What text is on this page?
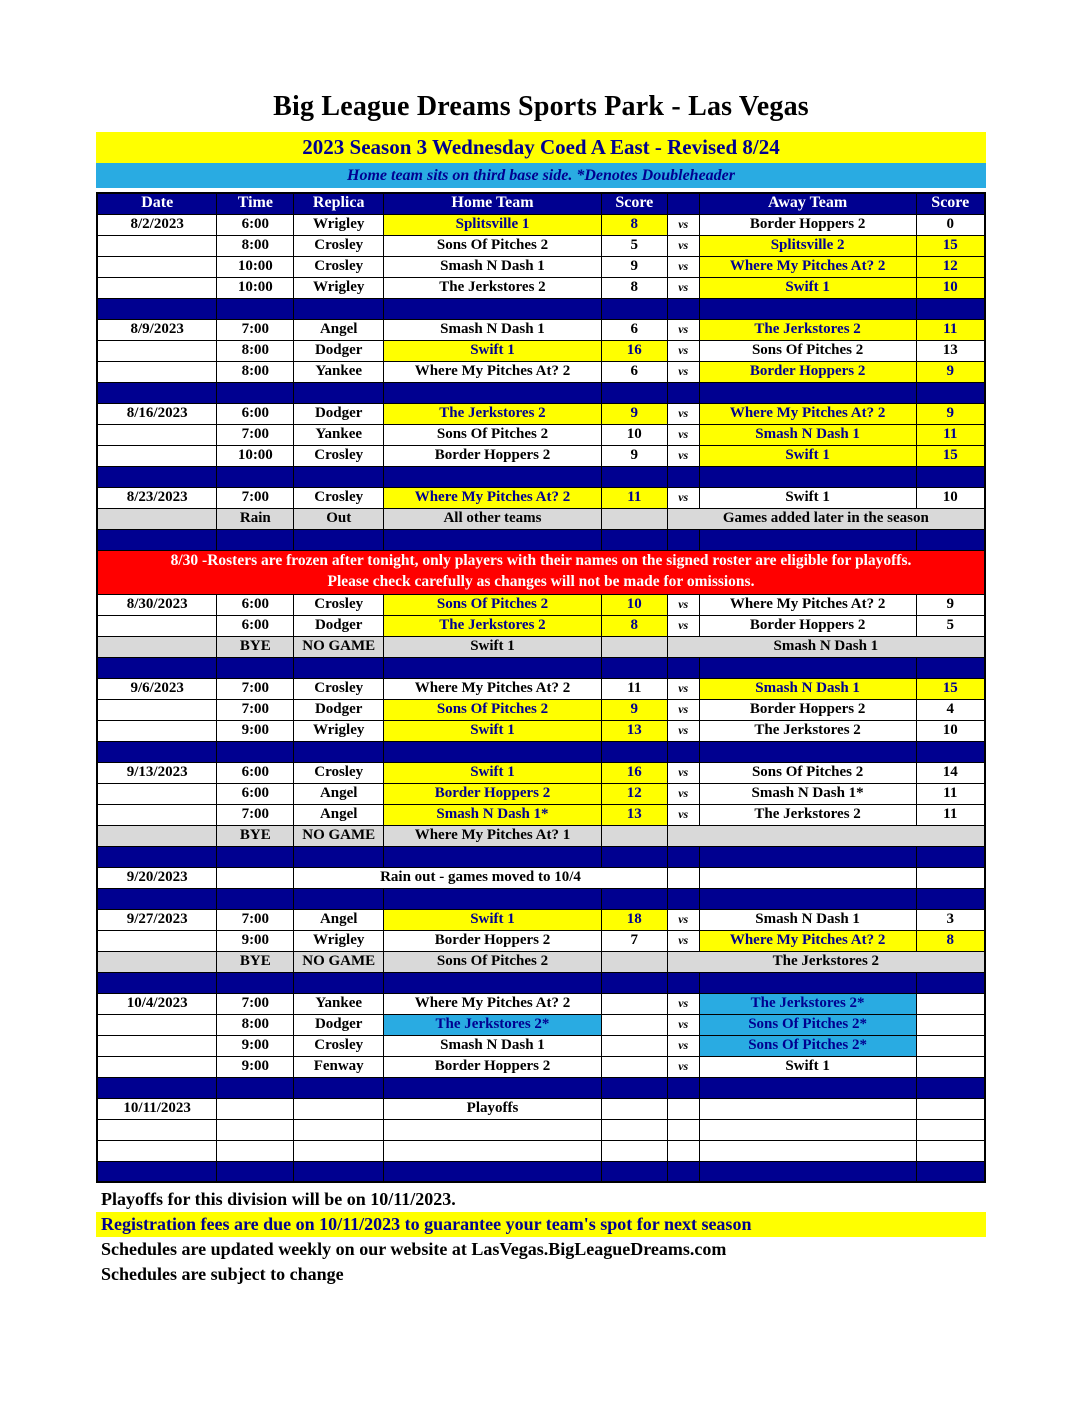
Big League Dreams Sports Park - Las Vegas
2023 Season 3 Wednesday Coed A East - Revised 8/24
Home team sits on third base side. *Denotes Doubleheader
Date	Time	Replica	Home Team	Score		Away Team	Score
8/2/2023	6:00	Wrigley	Splitsville 1	8	vs	Border Hoppers 2	0
	8:00	Crosley	Sons Of Pitches 2	5	vs	Splitsville 2	15
	10:00	Crosley	Smash N Dash 1	9	vs	Where My Pitches At? 2	12
	10:00	Wrigley	The Jerkstores 2	8	vs	Swift 1	10

8/9/2023	7:00	Angel	Smash N Dash 1	6	vs	The Jerkstores 2	11
	8:00	Dodger	Swift 1	16	vs	Sons Of Pitches 2	13
	8:00	Yankee	Where My Pitches At? 2	6	vs	Border Hoppers 2	9

8/16/2023	6:00	Dodger	The Jerkstores 2	9	vs	Where My Pitches At? 2	9
	7:00	Yankee	Sons Of Pitches 2	10	vs	Smash N Dash 1	11
	10:00	Crosley	Border Hoppers 2	9	vs	Swift 1	15

8/23/2023	7:00	Crosley	Where My Pitches At? 2	11	vs	Swift 1	10
	Rain	Out	All other teams		Games added later in the season		

8/30 -Rosters are frozen after tonight, only players with their names on the signed roster are eligible for playoffs.
Please check carefully as changes will not be made for omissions.							

8/30/2023	6:00	Crosley	Sons Of Pitches 2	10	vs	Where My Pitches At? 2	9
	6:00	Dodger	The Jerkstores 2	8	vs	Border Hoppers 2	5
	BYE	NO GAME	Swift 1		Smash N Dash 1		

9/6/2023	7:00	Crosley	Where My Pitches At? 2	11	vs	Smash N Dash 1	15
	7:00	Dodger	Sons Of Pitches 2	9	vs	Border Hoppers 2	4
	9:00	Wrigley	Swift 1	13	vs	The Jerkstores 2	10

9/13/2023	6:00	Crosley	Swift 1	16	vs	Sons Of Pitches 2	14
	6:00	Angel	Border Hoppers 2	12	vs	Smash N Dash 1*	11
	7:00	Angel	Smash N Dash 1*	13	vs	The Jerkstores 2	11
	BYE	NO GAME	Where My Pitches At? 1				

9/20/2023		Rain out - games moved to 10/4					

9/27/2023	7:00	Angel	Swift 1	18	vs	Smash N Dash 1	3
	9:00	Wrigley	Border Hoppers 2	7	vs	Where My Pitches At? 2	8
	BYE	NO GAME	Sons Of Pitches 2		The Jerkstores 2		

10/4/2023	7:00	Yankee	Where My Pitches At? 2		vs	The Jerkstores 2*	
	8:00	Dodger	The Jerkstores 2*		vs	Sons Of Pitches 2*	
	9:00	Crosley	Smash N Dash 1		vs	Sons Of Pitches 2*	
	9:00	Fenway	Border Hoppers 2		vs	Swift 1	

10/11/2023			Playoffs				

Playoffs for this division will be on 10/11/2023.
Registration fees are due on 10/11/2023 to guarantee your team's spot for next season
Schedules are updated weekly on our website at LasVegas.BigLeagueDreams.com
Schedules are subject to change
